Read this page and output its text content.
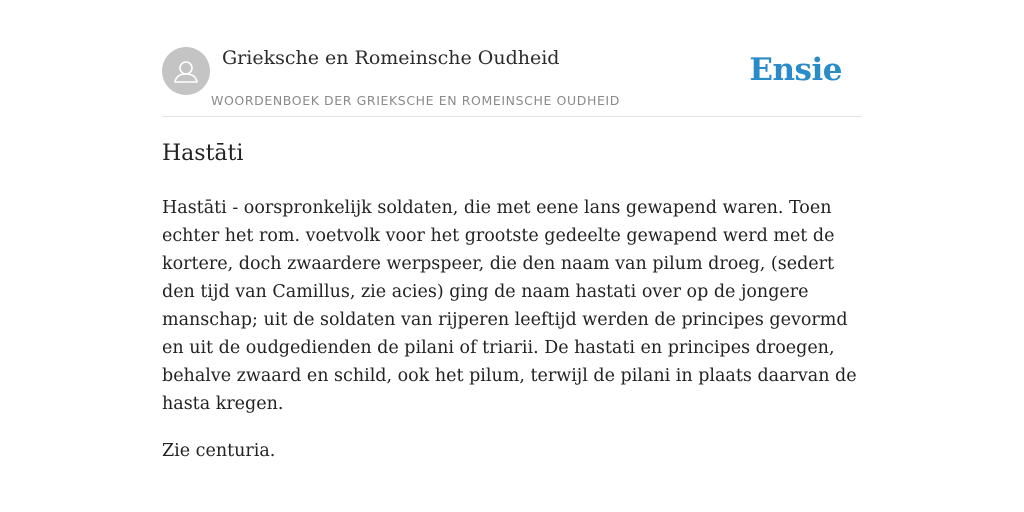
Grieksche en Romeinsche Oudheid
WOORDENBOEK DER GRIEKSCHE EN ROMEINSCHE OUDHEID
Ensie
Hastāti

Hastāti - oorspronkelijk soldaten, die met eene lans gewapend waren. Toen echter het rom. voetvolk voor het grootste gedeelte gewapend werd met de kortere, doch zwaardere werpspeer, die den naam van pilum droeg, (sedert den tijd van Camillus, zie acies) ging de naam hastati over op de jongere manschap; uit de soldaten van rijperen leeftijd werden de principes gevormd en uit de oudgedienden de pilani of triarii. De hastati en principes droegen, behalve zwaard en schild, ook het pilum, terwijl de pilani in plaats daarvan de hasta kregen.

Zie centuria.
